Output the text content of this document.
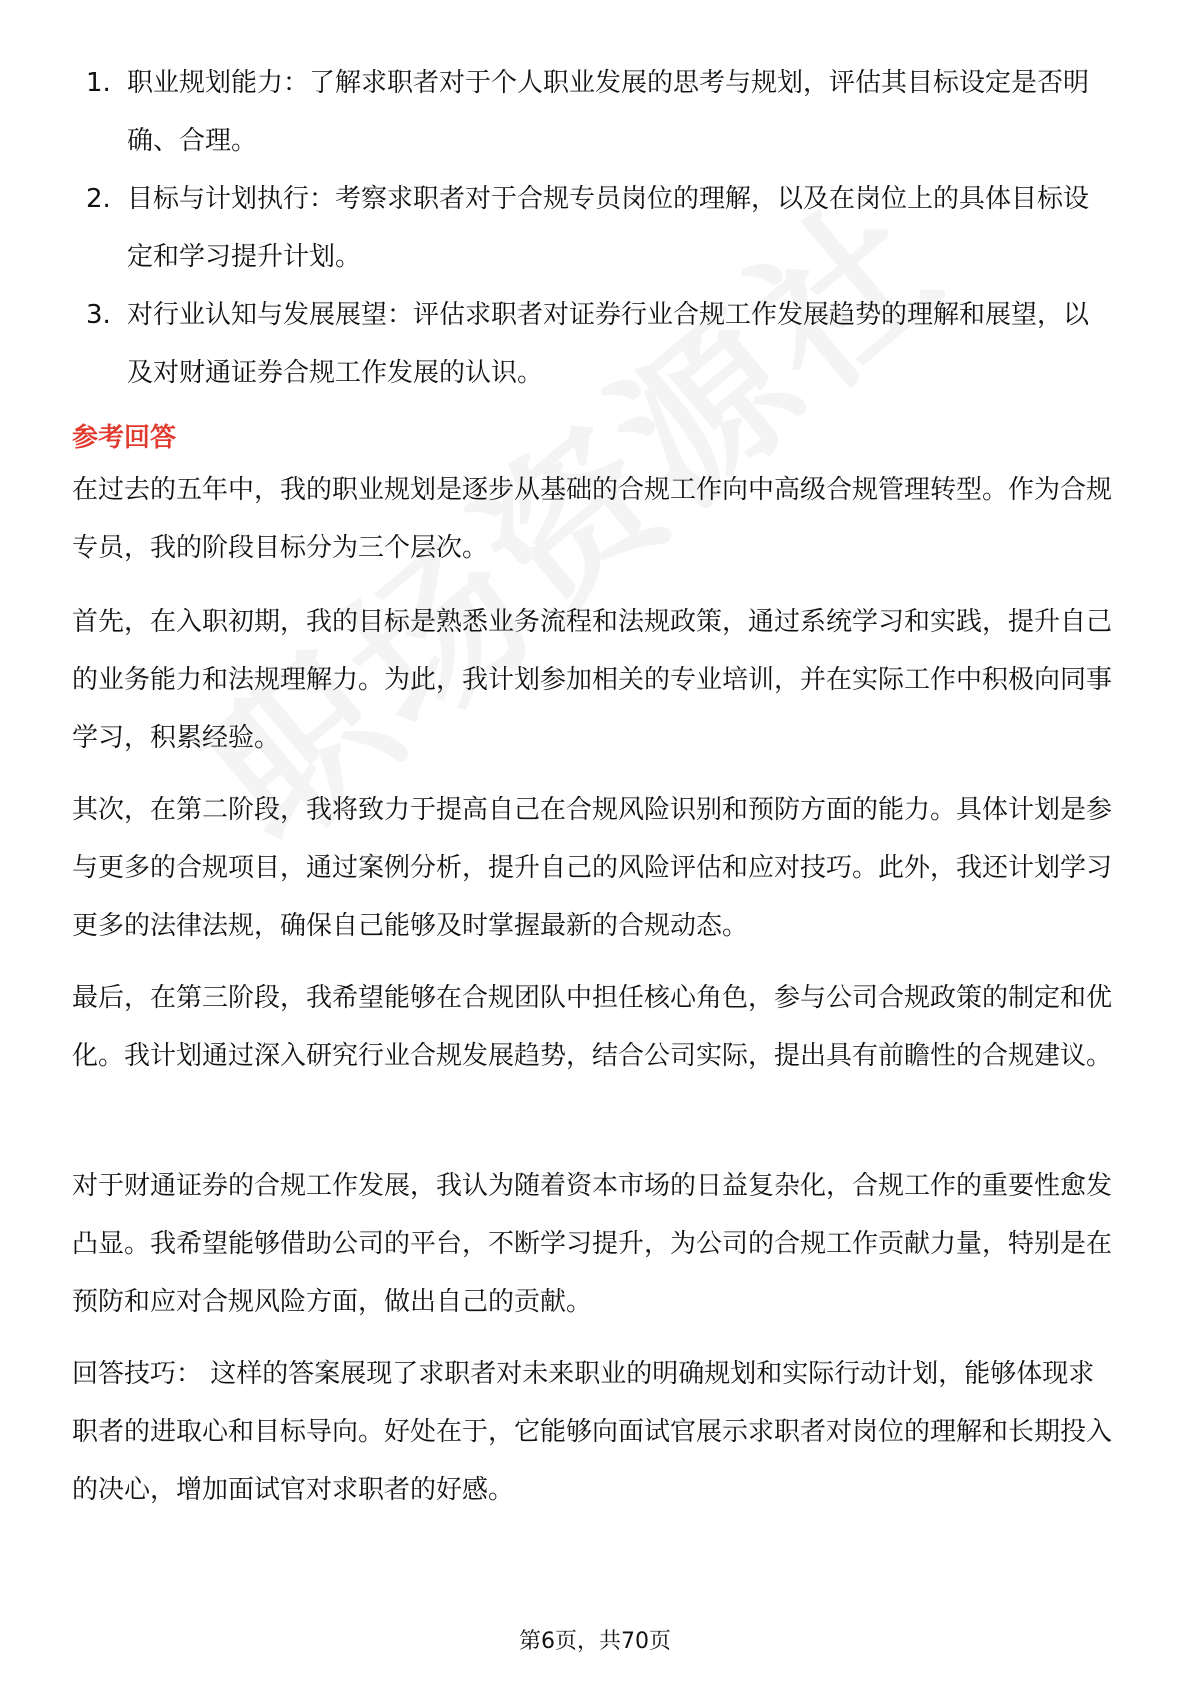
1. 职业规划能力：了解求职者对于个人职业发展的思考与规划，评估其目标设定是否明确、合理。
2. 目标与计划执行：考察求职者对于合规专员岗位的理解，以及在岗位上的具体目标设定和学习提升计划。
3. 对行业认知与发展展望：评估求职者对证券行业合规工作发展趋势的理解和展望，以及对财通证券合规工作发展的认识。
参考回答

在过去的五年中，我的职业规划是逐步从基础的合规工作向中高级合规管理转型。作为合规专员，我的阶段目标分为三个层次。

首先，在入职初期，我的目标是熟悉业务流程和法规政策，通过系统学习和实践，提升自己的业务能力和法规理解力。为此，我计划参加相关的专业培训，并在实际工作中积极向同事学习，积累经验。

其次，在第二阶段，我将致力于提高自己在合规风险识别和预防方面的能力。具体计划是参与更多的合规项目，通过案例分析，提升自己的风险评估和应对技巧。此外，我还计划学习更多的法律法规，确保自己能够及时掌握最新的合规动态。

最后，在第三阶段，我希望能够在合规团队中担任核心角色，参与公司合规政策的制定和优化。我计划通过深入研究行业合规发展趋势，结合公司实际，提出具有前瞻性的合规建议。

对于财通证券的合规工作发展，我认为随着资本市场的日益复杂化，合规工作的重要性愈发凸显。我希望能够借助公司的平台，不断学习提升，为公司的合规工作贡献力量，特别是在预防和应对合规风险方面，做出自己的贡献。

回答技巧： 这样的答案展现了求职者对未来职业的明确规划和实际行动计划，能够体现求职者的进取心和目标导向。好处在于，它能够向面试官展示求职者对岗位的理解和长期投入的决心，增加面试官对求职者的好感。

第6页，共70页
